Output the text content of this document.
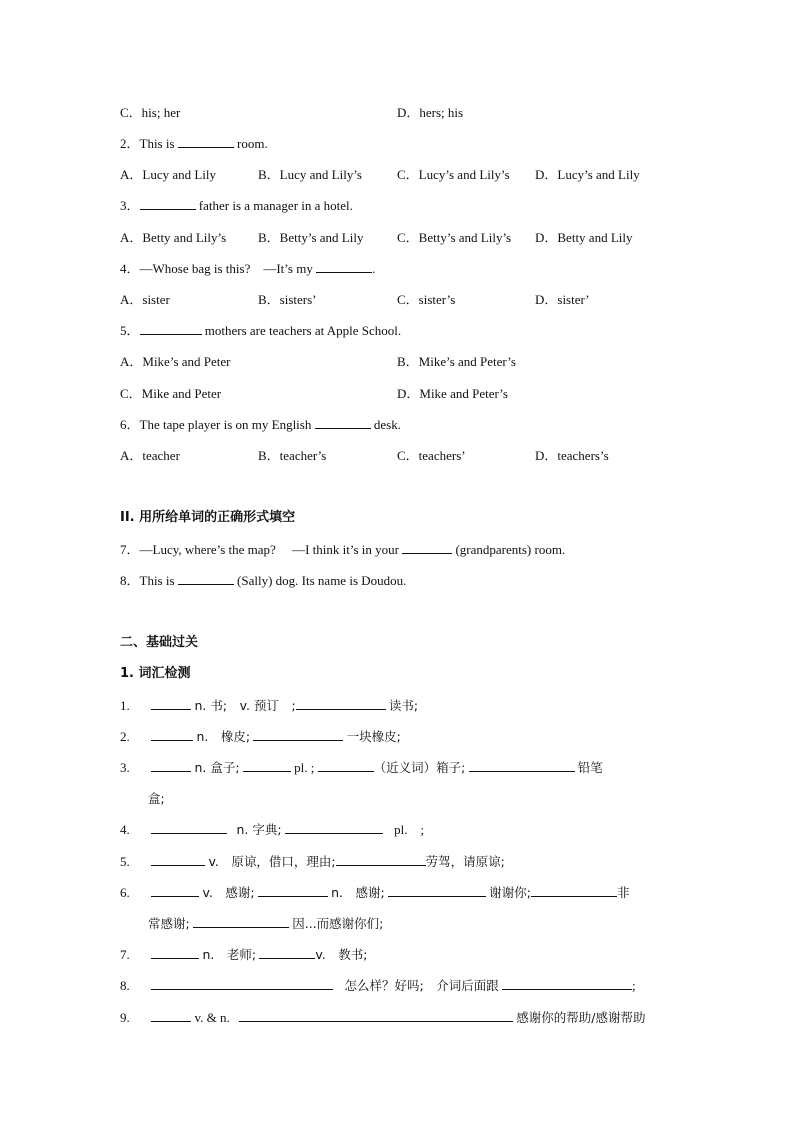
C．his; her	D．hers; his
2．This is	room.
A．Lucy and Lily	B．Lucy and Lily’s	C．Lucy’s and Lily’s D．Lucy’s and Lily
3．	father is a manager in a hotel.
A．Betty and Lily’s B．Betty’s and Lily	C．Betty’s and Lily’s D．Betty and Lily
4．—Whose bag is this?　—It’s my	.
A．sister	B．sisters’	C．sister’s	D．sister’
5．	mothers are teachers at Apple School.
A．Mike’s and Peter	B．Mike’s and Peter’s
C．Mike and Peter	D．Mike and Peter’s
6．The tape player is on my English	desk.
A．teacher	B．teacher’s	C．teachers’	D．teachers’s
II. 用所给单词的正确形式填空
7．—Lucy, where’s the map?　 —I think it’s in your	(grandparents) room.
8．This is	(Sally) dog. Its name is Doudou.
二、基础过关
1. 词汇检测
1.	n. 书;　v. 预订　;	读书;
2.	n.　橡皮;	一块橡皮;
3.	n. 盒子;	pl. ;	（近义词）箱子;	铅笔
盒;
4.	n. 字典;	pl.　;
5.	v.　原谅，借口，理由;	劳驾，请原谅;
6.	v.　感谢;	n.　感谢;	谢谢你;	非
常感谢;	因...而感谢你们;
7.	n.　老师;	v.　教书;
8.	怎么样？好吗;　介词后面跟	;
9.	v. & n.	感谢你的帮助/感谢帮助
